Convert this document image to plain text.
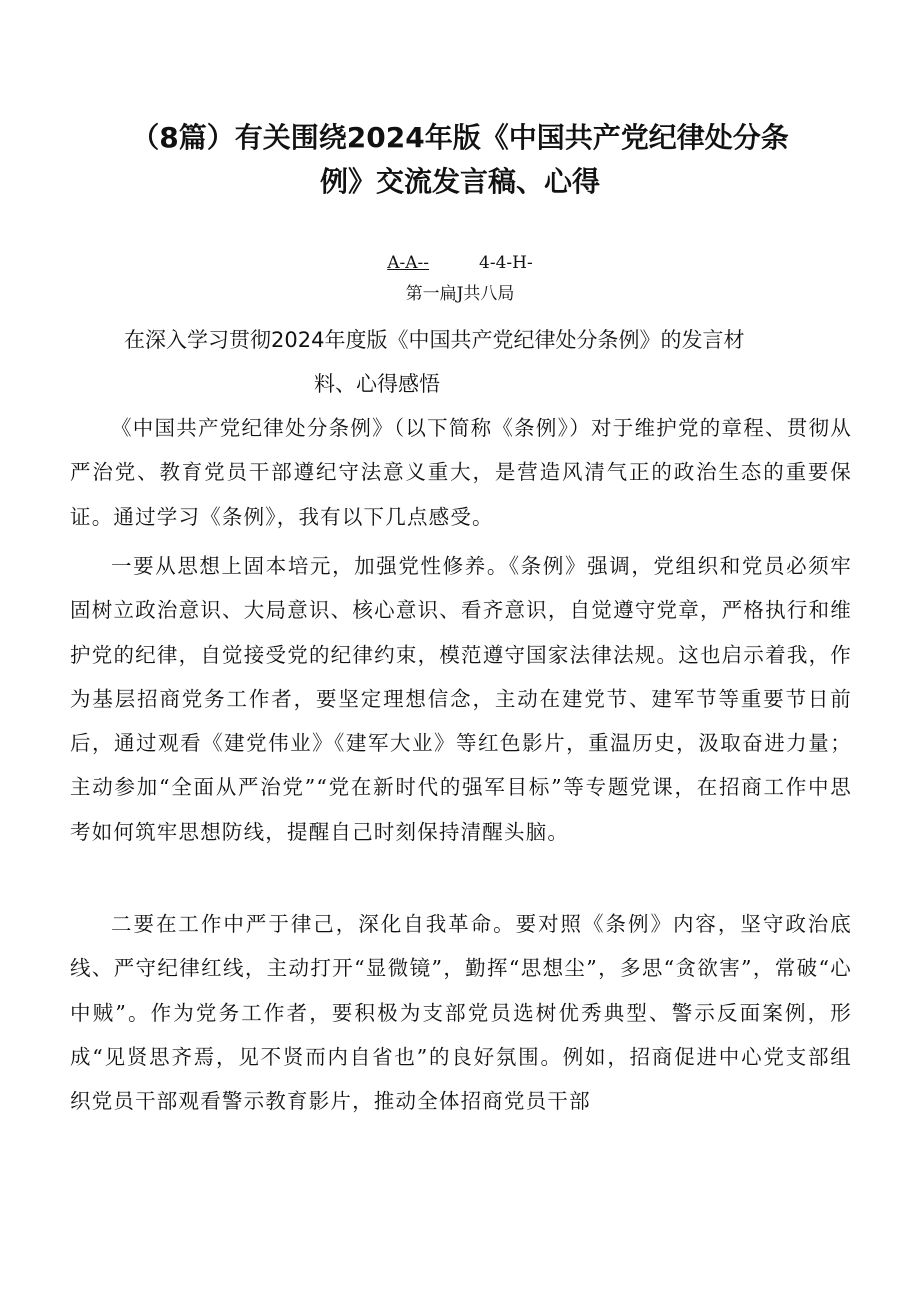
（8篇）有关围绕2024年版《中国共产党纪律处分条
例》交流发言稿、心得
A-A--	4-4-H-
第一扁J共八局
在深入学习贯彻2024年度版《中国共产党纪律处分条例》的发言材
料、心得感悟

《中国共产党纪律处分条例》（以下简称《条例》）对于维护党的章程、贯彻从严治党、教育党员干部遵纪守法意义重大，是营造风清气正的政治生态的重要保证。通过学习《条例》，我有以下几点感受。

一要从思想上固本培元，加强党性修养。《条例》强调，党组织和党员必须牢固树立政治意识、大局意识、核心意识、看齐意识，自觉遵守党章，严格执行和维护党的纪律，自觉接受党的纪律约束，模范遵守国家法律法规。这也启示着我，作为基层招商党务工作者，要坚定理想信念，主动在建党节、建军节等重要节日前后，通过观看《建党伟业》《建军大业》等红色影片，重温历史，汲取奋进力量；主动参加“全面从严治党”“党在新时代的强军目标”等专题党课，在招商工作中思考如何筑牢思想防线，提醒自己时刻保持清醒头脑。

二要在工作中严于律己，深化自我革命。要对照《条例》内容，坚守政治底线、严守纪律红线，主动打开“显微镜”，勤挥“思想尘”，多思“贪欲害”，常破“心中贼”。作为党务工作者，要积极为支部党员选树优秀典型、警示反面案例，形成“见贤思齐焉，见不贤而内自省也”的良好氛围。例如，招商促进中心党支部组织党员干部观看警示教育影片，推动全体招商党员干部
